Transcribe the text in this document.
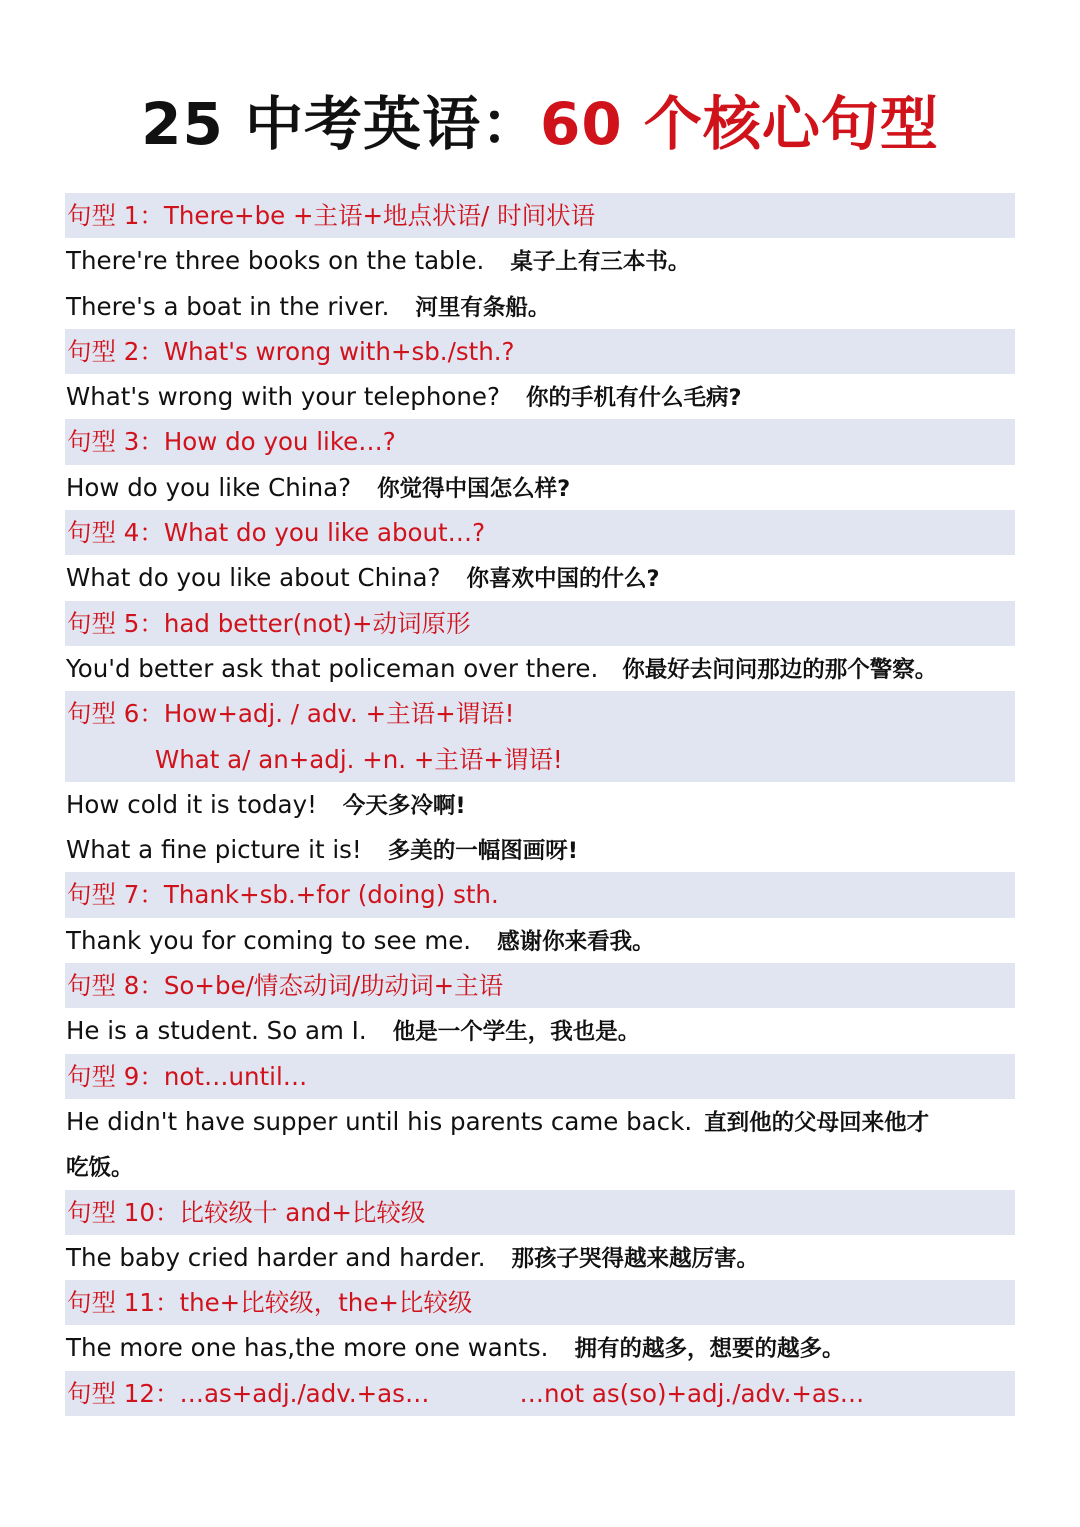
25 中考英语：60 个核心句型
句型 1：There+be +主语+地点状语/ 时间状语
There're three books on the table. 桌子上有三本书。
There's a boat in the river. 河里有条船。
句型 2：What's wrong with+sb./sth.?
What's wrong with your telephone? 你的手机有什么毛病?
句型 3：How do you like…?
How do you like China? 你觉得中国怎么样?
句型 4：What do you like about…?
What do you like about China? 你喜欢中国的什么?
句型 5：had better(not)+动词原形
You'd better ask that policeman over there. 你最好去问问那边的那个警察。
句型 6：How+adj. / adv. +主语+谓语!
What a/ an+adj. +n. +主语+谓语!
How cold it is today! 今天多冷啊!
What a fine picture it is! 多美的一幅图画呀!
句型 7：Thank+sb.+for (doing) sth.
Thank you for coming to see me. 感谢你来看我。
句型 8：So+be/情态动词/助动词+主语
He is a student. So am I. 他是一个学生，我也是。
句型 9：not…until…
He didn't have supper until his parents came back. 直到他的父母回来他才
吃饭。
句型 10：比较级十 and+比较级
The baby cried harder and harder. 那孩子哭得越来越厉害。
句型 11：the+比较级，the+比较级
The more one has,the more one wants. 拥有的越多，想要的越多。
句型 12：…as+adj./adv.+as…	…not as(so)+adj./adv.+as…
